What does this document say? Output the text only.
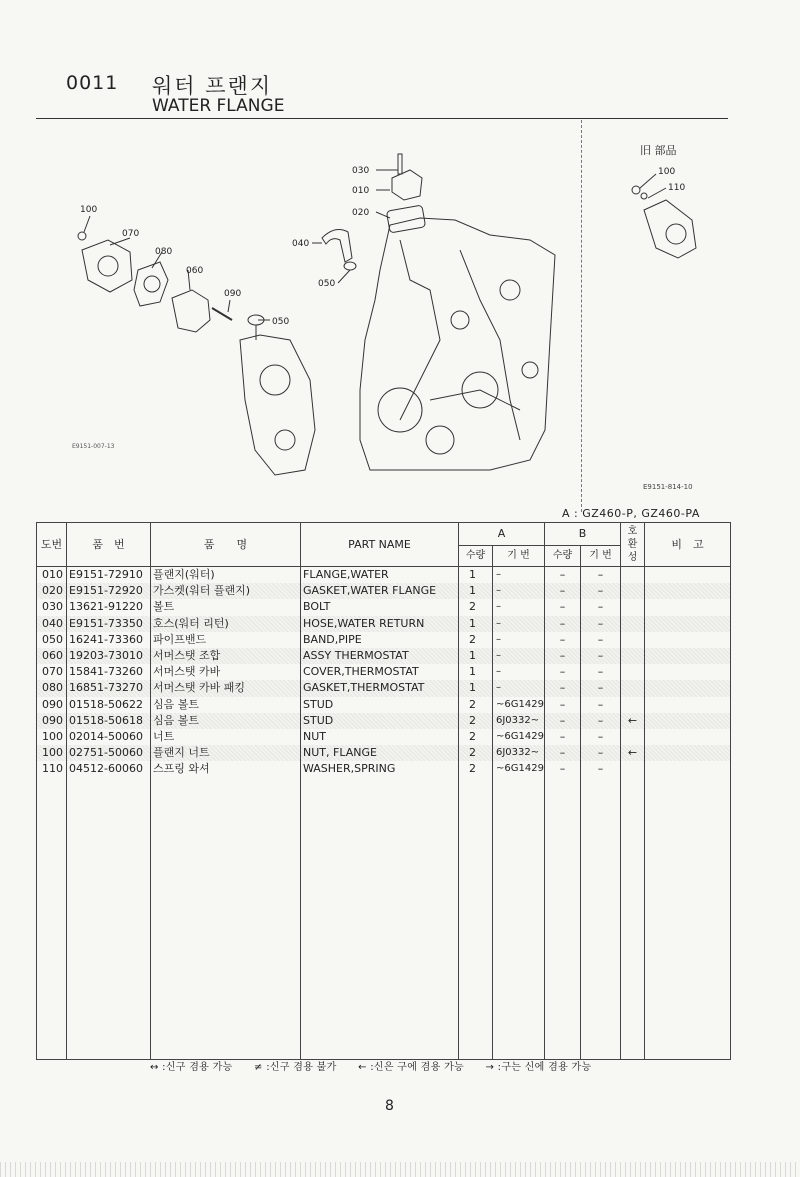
0011 워터 프랜지
WATER FLANGE
030
010
020
100
070
040
080
060
050
090
050
E9151-007-13
旧 部品
100
110
E9151-814-10
A : GZ460-P, GZ460-PA
도번	품　번	품　　명	PART NAME	A		B		호 환 성	비　고
				수량	기 번	수량	기 번		
010	E9151-72910	플랜지(워터)	FLANGE,WATER	1	–	–	–		
020	E9151-72920	가스켓(워터 플랜지)	GASKET,WATER FLANGE	1	–	–	–		
030	13621-91220	볼트	BOLT	2	–	–	–		
040	E9151-73350	호스(워터 리턴)	HOSE,WATER RETURN	1	–	–	–		
050	16241-73360	파이프밴드	BAND,PIPE	2	–	–	–		
060	19203-73010	서머스탯 조합	ASSY THERMOSTAT	1	–	–	–		
070	15841-73260	서머스탯 카바	COVER,THERMOSTAT	1	–	–	–		
080	16851-73270	서머스탯 카바 패킹	GASKET,THERMOSTAT	1	–	–	–		
090	01518-50622	심음 볼트	STUD	2	~6G1429	–	–		
090	01518-50618	심음 볼트	STUD	2	6J0332~	–	–	←	
100	02014-50060	너트	NUT	2	~6G1429	–	–		
100	02751-50060	플랜지 너트	NUT, FLANGE	2	6J0332~	–	–	←	
110	04512-60060	스프링 와셔	WASHER,SPRING	2	~6G1429	–	–		

↔ :신구 겸용 가능 ≠ :신구 겸용 불가 ← :신은 구에 겸용 가능 → :구는 신에 겸용 가능
8
